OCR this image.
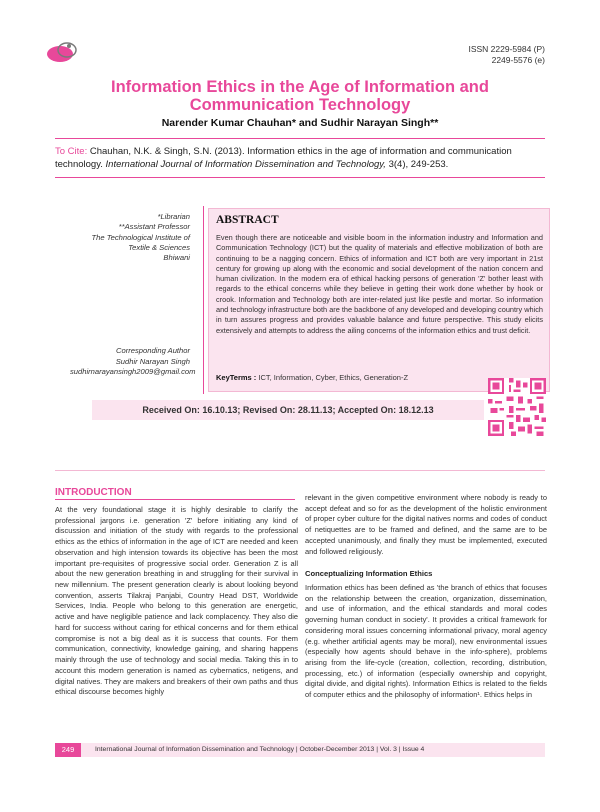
ISSN 2229-5984 (P)
2249-5576 (e)
Information Ethics in the Age of Information and Communication Technology
Narender Kumar Chauhan* and Sudhir Narayan Singh**
To Cite: Chauhan, N.K. & Singh, S.N. (2013). Information ethics in the age of information and communication technology. International Journal of Information Dissemination and Technology, 3(4), 249-253.
*Librarian
**Assistant Professor
The Technological Institute of Textile & Sciences
Bhiwani
Corresponding Author
Sudhir Narayan Singh
sudhirnarayansingh2009@gmail.com
ABSTRACT
Even though there are noticeable and visible boom in the information industry and Information and Communication Technology (ICT) but the quality of materials and effective mobilization of both are continuing to be a nagging concern. Ethics of information and ICT both are very important in 21st century for growing up along with the economic and social development of the nation concern and human civilization. In the modern era of ethical hacking persons of generation 'Z' bother least with regards to the ethical concerns while they believe in getting their work done whether by hook or crook. Information and Technology both are inter-related just like pestle and mortar. So information and technology infrastructure both are the backbone of any developed and developing country which in turn assures progress and provides valuable balance and future perspective. This study elicits extensively and attempts to address the ailing concerns of the information ethics and trust deficit.
KeyTerms : ICT, Information, Cyber, Ethics, Generation-Z
Received On: 16.10.13; Revised On: 28.11.13; Accepted On: 18.12.13
INTRODUCTION
At the very foundational stage it is highly desirable to clarify the professional jargons i.e. generation 'Z' before initiating any kind of discussion and initiation of the study with regards to the professional ethics as the ethics of information in the age of ICT are needed and keen observation and high intension towards its objective has been the most important pre-requisites of progressive social order. Generation Z is all about the new generation breathing in and struggling for their survival in new millennium. The present generation clearly is about looking beyond convention, asserts Tilakraj Panjabi, Country Head DST, Worldwide Services, India. People who belong to this generation are energetic, active and have negligible patience and lack complacency. They also die hard for success without caring for ethical concerns and for them ethical compromise is not a big deal as it is success that counts. For them communication, connectivity, knowledge gaining, and sharing happens mainly through the use of technology and social media. Taking this in to account this modern generation is named as cybernatics, netigens, and digital natives. They are makers and breakers of their own paths and thus ethical discourse becomes highly
relevant in the given competitive environment where nobody is ready to accept defeat and so for as the development of the holistic environment of proper cyber culture for the digital natives norms and codes of conduct of netiquettes are to be framed and defined, and the same are to be accepted unanimously, and finally they must be implemented, executed and followed religiously.
Conceptualizing Information Ethics
Information ethics has been defined as 'the branch of ethics that focuses on the relationship between the creation, organization, dissemination, and use of information, and the ethical standards and moral codes governing human conduct in society'. It provides a critical framework for considering moral issues concerning informational privacy, moral agency (e.g. whether artificial agents may be moral), new environmental issues (especially how agents should behave in the info-sphere), problems arising from the life-cycle (creation, collection, recording, distribution, processing, etc.) of information (especially ownership and copyright, digital divide, and digital rights). Information Ethics is related to the fields of computer ethics and the philosophy of information¹. Ethics helps in
249	International Journal of Information Dissemination and Technology | October-December 2013 | Vol. 3 | Issue 4
